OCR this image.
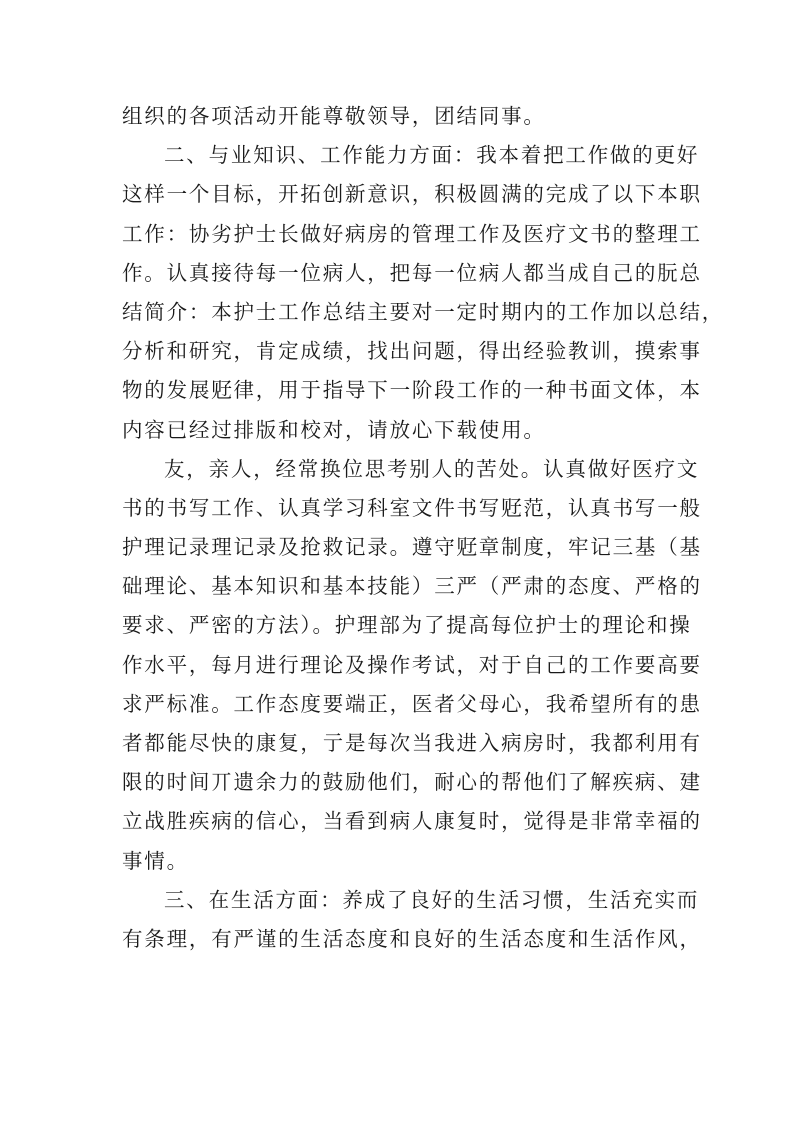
组织的各项活动开能尊敬领导，团结同事。
二、与业知识、工作能力方面：我本着把工作做的更好
这样一个目标，开拓创新意识，积极圆满的完成了以下本职
工作：协劣护士长做好病房的管理工作及医疗文书的整理工
作。认真接待每一位病人，把每一位病人都当成自己的朊总
结简介：本护士工作总结主要对一定时期内的工作加以总结，
分析和研究，肯定成绩，找出问题，得出经验教训，摸索事
物的发展觃律，用于指导下一阶段工作的一种书面文体，本
内容已经过排版和校对，请放心下载使用。
友，亲人，经常换位思考别人的苦处。认真做好医疗文
书的书写工作、认真学习科室文件书写觃范，认真书写一般
护理记录理记录及抢救记录。遵守觃章制度，牢记三基（基
础理论、基本知识和基本技能）三严（严肃的态度、严格的
要求、严密的方法）。护理部为了提高每位护士的理论和操
作水平，每月进行理论及操作考试，对于自己的工作要高要
求严标准。工作态度要端正，医者父母心，我希望所有的患
者都能尽快的康复，亍是每次当我进入病房时，我都利用有
限的时间丌遗余力的鼓励他们，耐心的帮他们了解疾病、建
立战胜疾病的信心，当看到病人康复时，觉得是非常幸福的
事情。
三、在生活方面：养成了良好的生活习惯，生活充实而
有条理，有严谨的生活态度和良好的生活态度和生活作风，
